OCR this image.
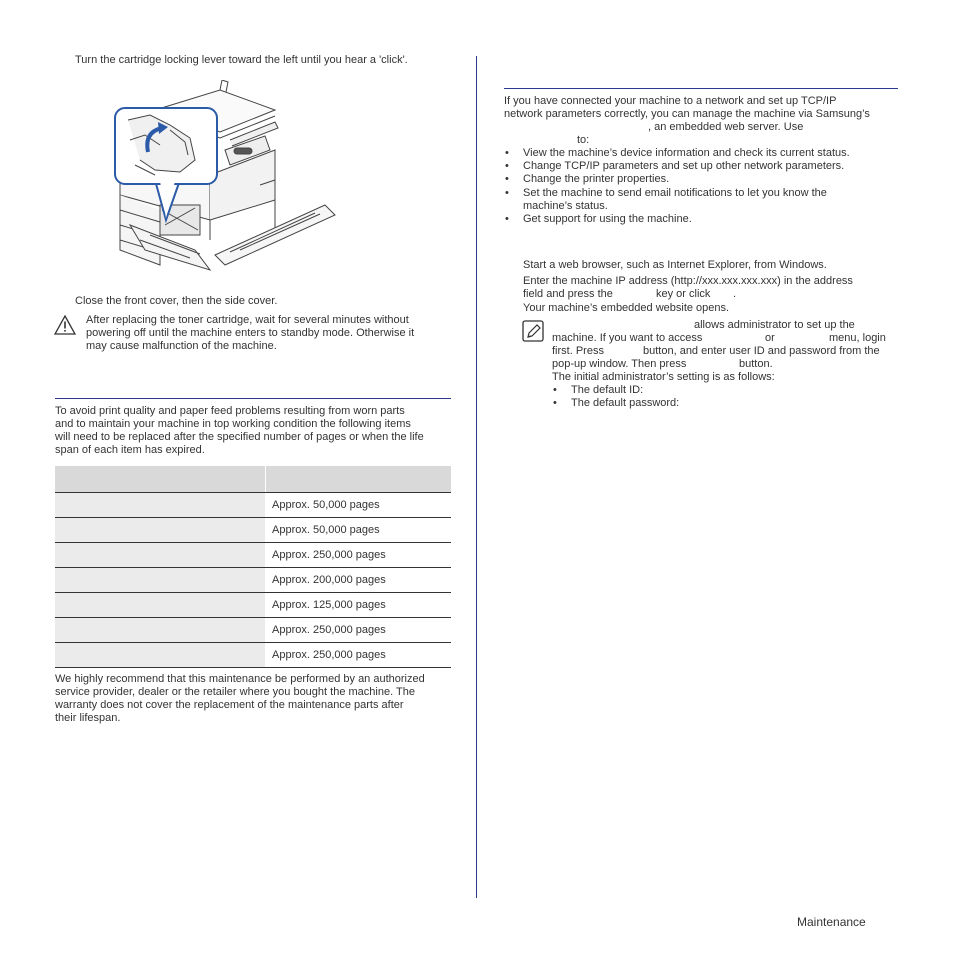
Turn the cartridge locking lever toward the left until you hear a 'click'.
Close the front cover, then the side cover.
After replacing the toner cartridge, wait for several minutes without
powering off until the machine enters to standby mode. Otherwise it
may cause malfunction of the machine.
To avoid print quality and paper feed problems resulting from worn parts
and to maintain your machine in top working condition the following items
will need to be replaced after the specified number of pages or when the life
span of each item has expired.

	Approx. 50,000 pages
	Approx. 50,000 pages
	Approx. 250,000 pages
	Approx. 200,000 pages
	Approx. 125,000 pages
	Approx. 250,000 pages
	Approx. 250,000 pages
We highly recommend that this maintenance be performed by an authorized
service provider, dealer or the retailer where you bought the machine. The
warranty does not cover the replacement of the maintenance parts after
their lifespan.
If you have connected your machine to a network and set up TCP/IP
network parameters correctly, you can manage the machine via Samsung’s
, an embedded web server. Use
to:
• View the machine’s device information and check its current status.
• Change TCP/IP parameters and set up other network parameters.
• Change the printer properties.
• Set the machine to send email notifications to let you know the
machine’s status.
• Get support for using the machine.
Start a web browser, such as Internet Explorer, from Windows.
Enter the machine IP address (http://xxx.xxx.xxx.xxx) in the address
field and press the	key or click .
Your machine’s embedded website opens.
allows administrator to set up the
machine. If you want to access	or	menu, login
first. Press	button, and enter user ID and password from the
pop-up window. Then press	button.
The initial administrator’s setting is as follows:
• The default ID:
• The default password:
Maintenance
